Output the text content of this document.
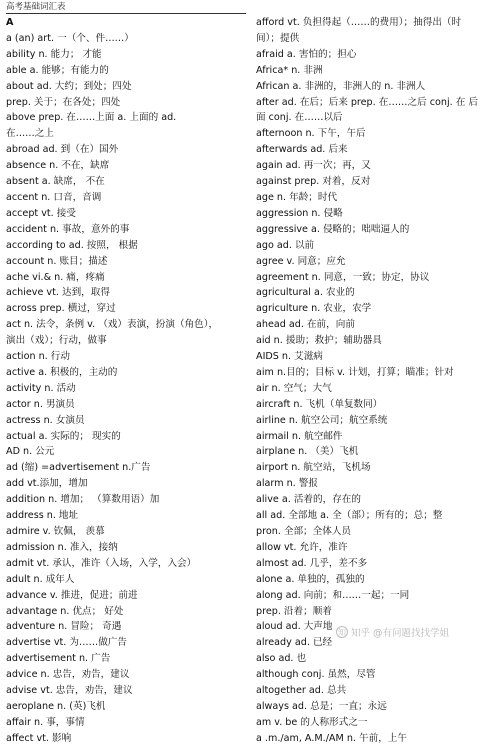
高考基础词汇表
A
a (an) art. 一（个、件……）
ability n. 能力； 才能
able a. 能够；有能力的
about ad. 大约；到处；四处
prep. 关于；在各处；四处
above prep. 在……上面 a. 上面的 ad.
在……之上
abroad ad. 到（在）国外
absence n. 不在，缺席
absent a. 缺席， 不在
accent n. 口音，音调
accept vt. 接受
accident n. 事故，意外的事
according to ad. 按照， 根据
account n. 账目；描述
ache vi.& n. 痛，疼痛
achieve vt. 达到，取得
across prep. 横过，穿过
act n. 法令，条例 v. （戏）表演，扮演（角色），
演出（戏）；行动，做事
action n. 行动
active a. 积极的，主动的
activity n. 活动
actor n. 男演员
actress n. 女演员
actual a. 实际的； 现实的
AD n. 公元
ad (缩) =advertisement n.广告
add vt.添加，增加
addition n. 增加； （算数用语）加
address n. 地址
admire v. 钦佩， 羡慕
admission n. 准入，接纳
admit vt. 承认，准许（入场，入学，入会）
adult n. 成年人
advance v. 推进，促进；前进
advantage n. 优点； 好处
adventure n. 冒险； 奇遇
advertise vt. 为……做广告
advertisement n. 广告
advice n. 忠告，劝告，建议
advise vt. 忠告，劝告，建议
aeroplane n. (英)飞机
affair n. 事，事情
affect vt. 影响
afford vt. 负担得起（……的费用）；抽得出（时
间）；提供
afraid a. 害怕的；担心
Africa* n. 非洲
African a. 非洲的，非洲人的 n. 非洲人
after ad. 在后；后来 prep. 在……之后 conj. 在 后
面 conj. 在……以后
afternoon n. 下午，午后
afterwards ad. 后来
again ad. 再一次；再，又
against prep. 对着，反对
age n. 年龄；时代
aggression n. 侵略
aggressive a. 侵略的；咄咄逼人的
ago ad. 以前
agree v. 同意；应允
agreement n. 同意，一致；协定，协议
agricultural a. 农业的
agriculture n. 农业，农学
ahead ad. 在前，向前
aid n. 援助；救护；辅助器具
AIDS n. 艾滋病
aim n.目的；目标 v. 计划，打算；瞄准；针对
air n. 空气；大气
aircraft n. 飞机（单复数同）
airline n. 航空公司；航空系统
airmail n. 航空邮件
airplane n. （美）飞机
airport n. 航空站，飞机场
alarm n. 警报
alive a. 活着的，存在的
all ad. 全部地 a. 全（部）；所有的；总；整
pron. 全部；全体人员
allow vt. 允许，准许
almost ad. 几乎，差不多
alone a. 单独的，孤独的
along ad. 向前；和……一起；一同
prep. 沿着；顺着
aloud ad. 大声地
already ad. 已经
also ad. 也
although conj. 虽然，尽管
altogether ad. 总共
always ad. 总是；一直；永远
am v. be 的人称形式之一
a .m./am, A.M./AM n. 午前，上午
知 知乎 @有问题找找学姐
